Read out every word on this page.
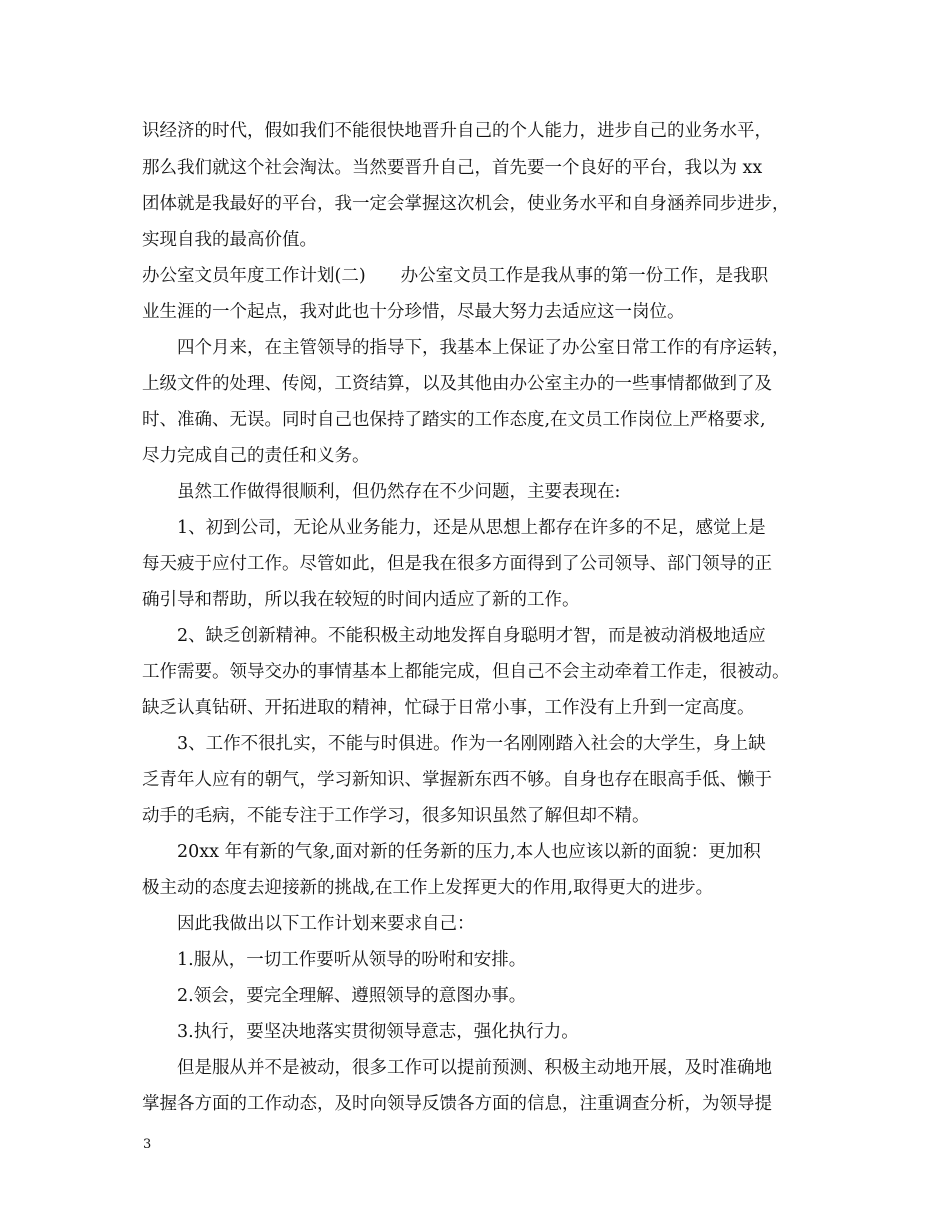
识经济的时代，假如我们不能很快地晋升自己的个人能力，进步自己的业务水平，
那么我们就这个社会淘汰。当然要晋升自己，首先要一个良好的平台，我以为 xx
团体就是我最好的平台，我一定会掌握这次机会，使业务水平和自身涵养同步进步，
实现自我的最高价值。
办公室文员年度工作计划(二)　　办公室文员工作是我从事的第一份工作，是我职
业生涯的一个起点，我对此也十分珍惜，尽最大努力去适应这一岗位。
四个月来，在主管领导的指导下，我基本上保证了办公室日常工作的有序运转，
上级文件的处理、传阅，工资结算，以及其他由办公室主办的一些事情都做到了及
时、准确、无误。同时自己也保持了踏实的工作态度,在文员工作岗位上严格要求,
尽力完成自己的责任和义务。
虽然工作做得很顺利，但仍然存在不少问题，主要表现在:
1、初到公司，无论从业务能力，还是从思想上都存在许多的不足，感觉上是
每天疲于应付工作。尽管如此，但是我在很多方面得到了公司领导、部门领导的正
确引导和帮助，所以我在较短的时间内适应了新的工作。
2、缺乏创新精神。不能积极主动地发挥自身聪明才智，而是被动消极地适应
工作需要。领导交办的事情基本上都能完成，但自己不会主动牵着工作走，很被动。
缺乏认真钻研、开拓进取的精神，忙碌于日常小事，工作没有上升到一定高度。
3、工作不很扎实，不能与时俱进。作为一名刚刚踏入社会的大学生，身上缺
乏青年人应有的朝气，学习新知识、掌握新东西不够。自身也存在眼高手低、懒于
动手的毛病，不能专注于工作学习，很多知识虽然了解但却不精。
20xx 年有新的气象,面对新的任务新的压力,本人也应该以新的面貌：更加积
极主动的态度去迎接新的挑战,在工作上发挥更大的作用,取得更大的进步。
因此我做出以下工作计划来要求自己：
1.服从，一切工作要听从领导的吩咐和安排。
2.领会，要完全理解、遵照领导的意图办事。
3.执行，要坚决地落实贯彻领导意志，强化执行力。
但是服从并不是被动，很多工作可以提前预测、积极主动地开展，及时准确地
掌握各方面的工作动态，及时向领导反馈各方面的信息，注重调查分析，为领导提
3
